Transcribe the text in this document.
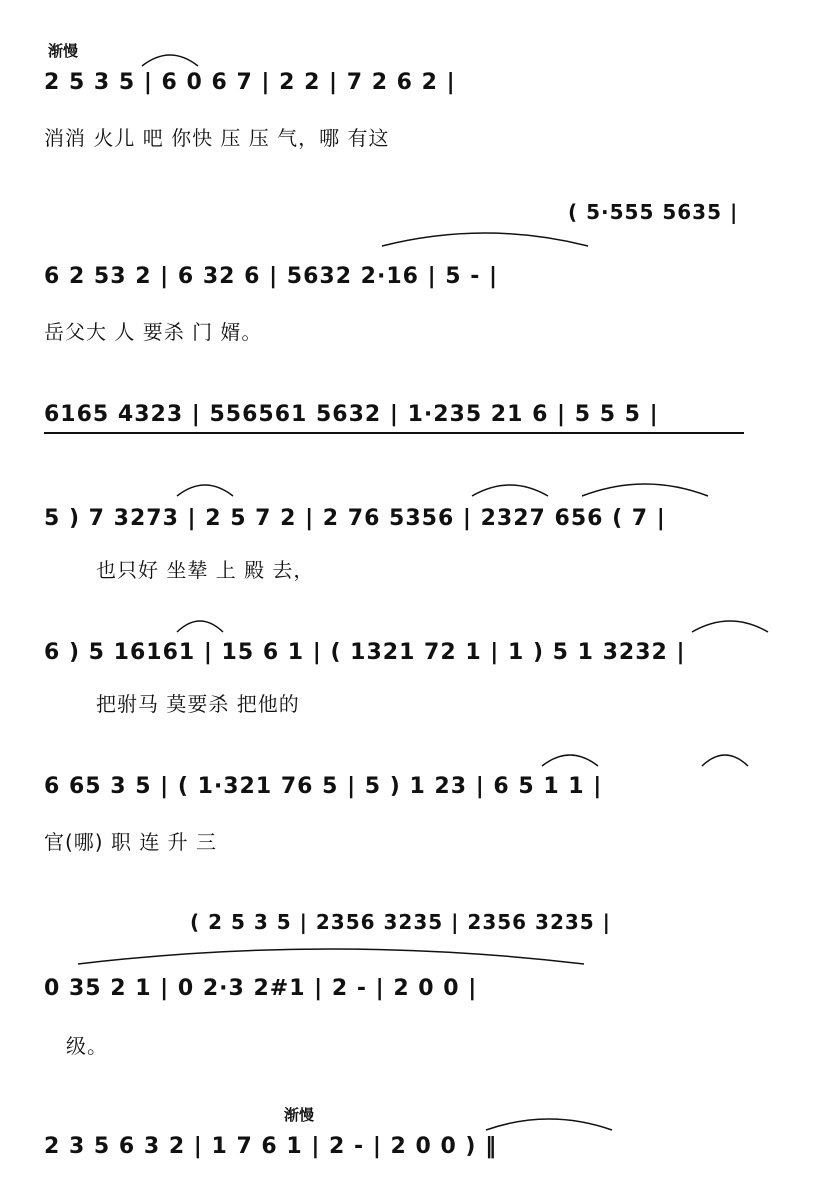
渐慢
渐慢
2 5 3 5 | 6 0 6 7 | 2 2 | 7 2 6 2 |
消消 火儿 吧 你快 压 压 气，哪 有这
( 5·555 5635 |
6 2 53 2 | 6 32 6 | 5632 2·16 | 5 - |
岳父大 人 要杀 门 婿。
6165 4323 | 556561 5632 | 1·235 21 6 | 5 5 5 |
5 ) 7 3273 | 2 5 7 2 | 2 76 5356 | 2327 656 ( 7 |
也只好 坐辇 上 殿 去，
6 ) 5 16161 | 15 6 1 | ( 1321 72 1 | 1 ) 5 1 3232 |
把驸马 莫要杀 把他的
6 65 3 5 | ( 1·321 76 5 | 5 ) 1 23 | 6 5 1 1 |
官(哪) 职 连 升 三
( 2 5 3 5 | 2356 3235 | 2356 3235 |
0 35 2 1 | 0 2·3 2#1 | 2 - | 2 0 0 |
级。
2 3 5 6 3 2 | 1 7 6 1 | 2 - | 2 0 0 ) ‖
